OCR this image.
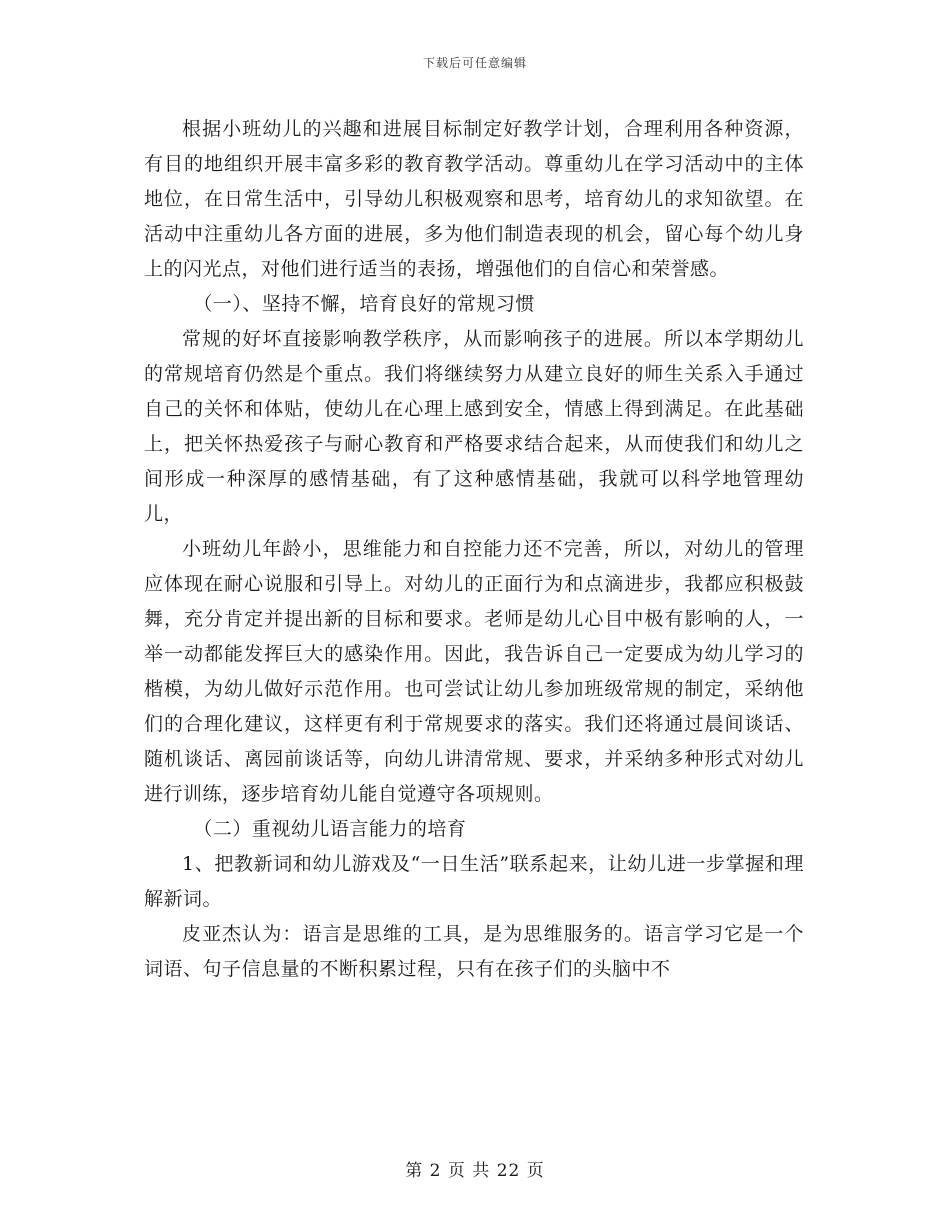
下载后可任意编辑

根据小班幼儿的兴趣和进展目标制定好教学计划，合理利用各种资源，有目的地组织开展丰富多彩的教育教学活动。尊重幼儿在学习活动中的主体地位，在日常生活中，引导幼儿积极观察和思考，培育幼儿的求知欲望。在活动中注重幼儿各方面的进展，多为他们制造表现的机会，留心每个幼儿身上的闪光点，对他们进行适当的表扬，增强他们的自信心和荣誉感。

（一）、坚持不懈，培育良好的常规习惯

常规的好坏直接影响教学秩序，从而影响孩子的进展。所以本学期幼儿的常规培育仍然是个重点。我们将继续努力从建立良好的师生关系入手通过自己的关怀和体贴，使幼儿在心理上感到安全，情感上得到满足。在此基础上，把关怀热爱孩子与耐心教育和严格要求结合起来，从而使我们和幼儿之间形成一种深厚的感情基础，有了这种感情基础，我就可以科学地管理幼儿，

小班幼儿年龄小，思维能力和自控能力还不完善，所以，对幼儿的管理应体现在耐心说服和引导上。对幼儿的正面行为和点滴进步，我都应积极鼓舞，充分肯定并提出新的目标和要求。老师是幼儿心目中极有影响的人，一举一动都能发挥巨大的感染作用。因此，我告诉自己一定要成为幼儿学习的楷模，为幼儿做好示范作用。也可尝试让幼儿参加班级常规的制定，采纳他们的合理化建议，这样更有利于常规要求的落实。我们还将通过晨间谈话、随机谈话、离园前谈话等，向幼儿讲清常规、要求，并采纳多种形式对幼儿进行训练，逐步培育幼儿能自觉遵守各项规则。

（二）重视幼儿语言能力的培育

1、把教新词和幼儿游戏及“一日生活”联系起来，让幼儿进一步掌握和理解新词。

皮亚杰认为：语言是思维的工具，是为思维服务的。语言学习它是一个词语、句子信息量的不断积累过程，只有在孩子们的头脑中不

第 2 页 共 22 页
